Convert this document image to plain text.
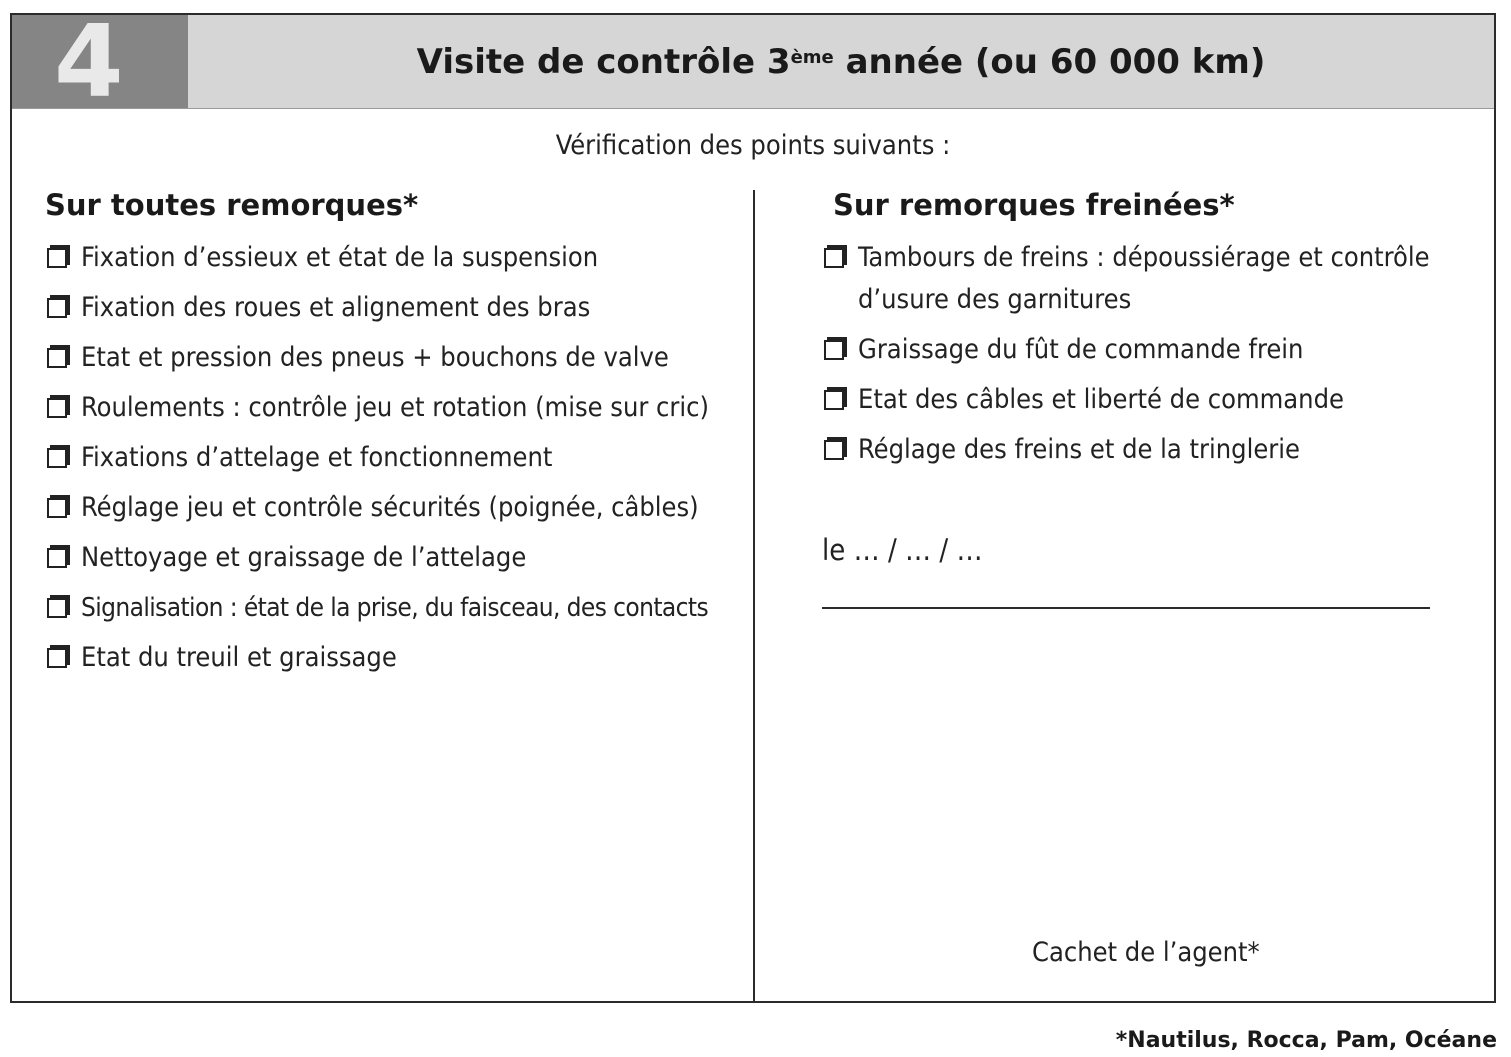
4	Visite de contrôle 3ème année (ou 60 000 km)
Vérification des points suivants :
Sur toutes remorques*
Fixation d’essieux et état de la suspension
Fixation des roues et alignement des bras
Etat et pression des pneus + bouchons de valve
Roulements : contrôle jeu et rotation (mise sur cric)
Fixations d’attelage et fonctionnement
Réglage jeu et contrôle sécurités (poignée, câbles)
Nettoyage et graissage de l’attelage
Signalisation : état de la prise, du faisceau, des contacts
Etat du treuil et graissage
Sur remorques freinées*
Tambours de freins : dépoussiérage et contrôle d’usure des garnitures
Graissage du fût de commande frein
Etat des câbles et liberté de commande
Réglage des freins et de la tringlerie
le … / … / …
Cachet de l’agent*
*Nautilus, Rocca, Pam, Océane
